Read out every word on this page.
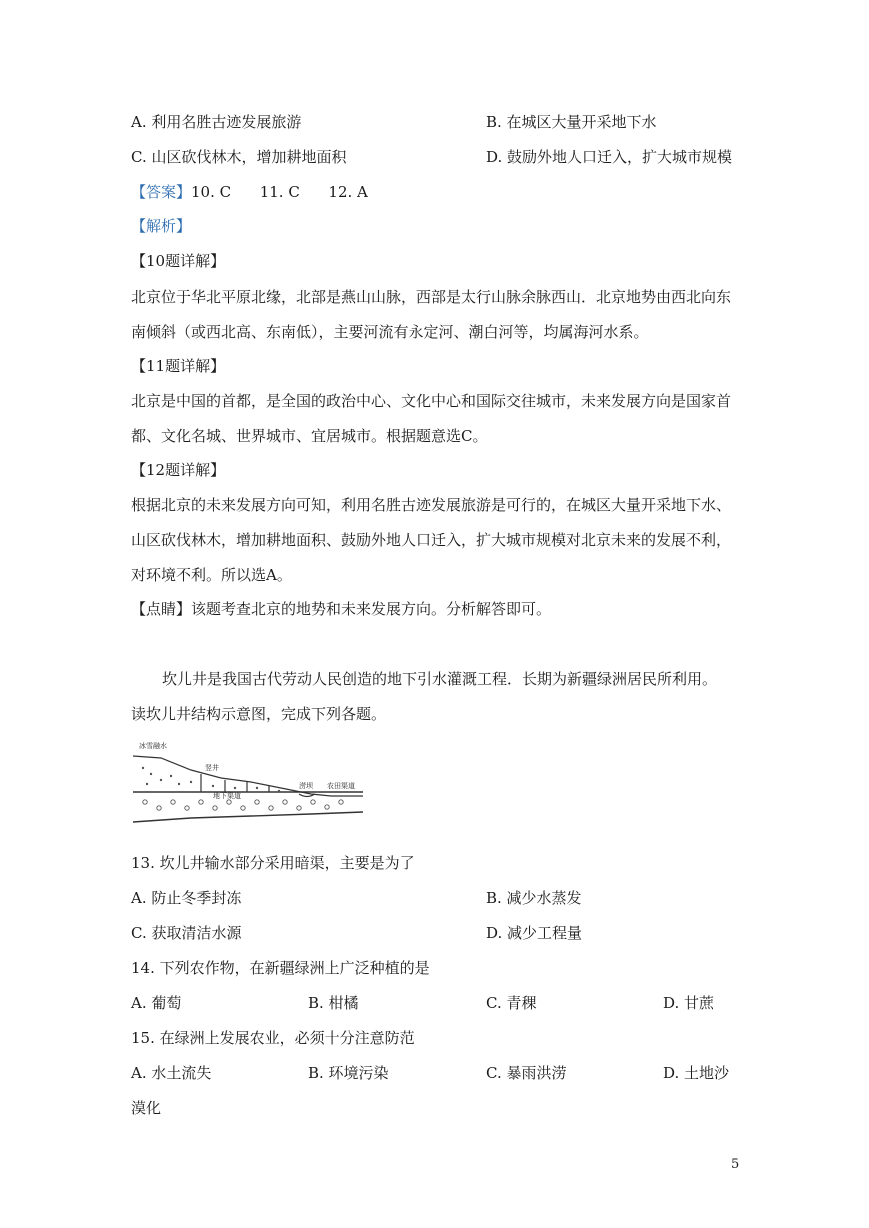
A. 利用名胜古迹发展旅游	B. 在城区大量开采地下水
C. 山区砍伐林木，增加耕地面积	D. 鼓励外地人口迁入，扩大城市规模
【答案】10. C      11. C      12. A
【解析】
【10题详解】
北京位于华北平原北缘，北部是燕山山脉，西部是太行山脉余脉西山．北京地势由西北向东
南倾斜（或西北高、东南低），主要河流有永定河、潮白河等，均属海河水系。
【11题详解】
北京是中国的首都，是全国的政治中心、文化中心和国际交往城市，未来发展方向是国家首
都、文化名城、世界城市、宜居城市。根据题意选C。
【12题详解】
根据北京的未来发展方向可知，利用名胜古迹发展旅游是可行的，在城区大量开采地下水、
山区砍伐林木，增加耕地面积、鼓励外地人口迁入，扩大城市规模对北京未来的发展不利，
对环境不利。所以选A。
【点睛】该题考查北京的地势和未来发展方向。分析解答即可。
坎儿井是我国古代劳动人民创造的地下引水灌溉工程．长期为新疆绿洲居民所利用。
读坎儿井结构示意图，完成下列各题。
冰雪融水
竖井
地下渠道
涝坝 农田渠道
13. 坎儿井输水部分采用暗渠，主要是为了
A. 防止冬季封冻	B. 减少水蒸发
C. 获取清洁水源	D. 减少工程量
14. 下列农作物，在新疆绿洲上广泛种植的是
A. 葡萄	B. 柑橘	C. 青稞	D. 甘蔗
15. 在绿洲上发展农业，必须十分注意防范
A. 水土流失	B. 环境污染	C. 暴雨洪涝	D. 土地沙
漠化
5
